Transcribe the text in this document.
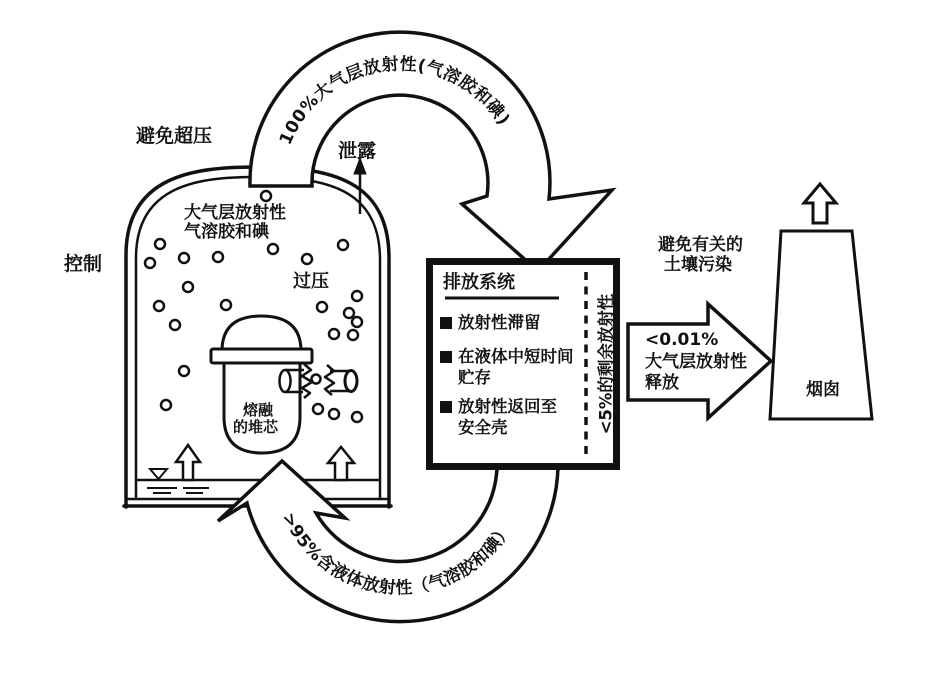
100%大气层放射性(气溶胶和碘)
>95%含液体放射性（气溶胶和碘）
避免超压
控制
泄露
大气层放射性
气溶胶和碘
过压
熔融
的堆芯
排放系统
放射性滞留
在液体中短时间
贮存
放射性返回至
安全壳	<5%的剩余放射性 <0.01%
大气层放射性
释放
避免有关的
土壤污染
烟囱
